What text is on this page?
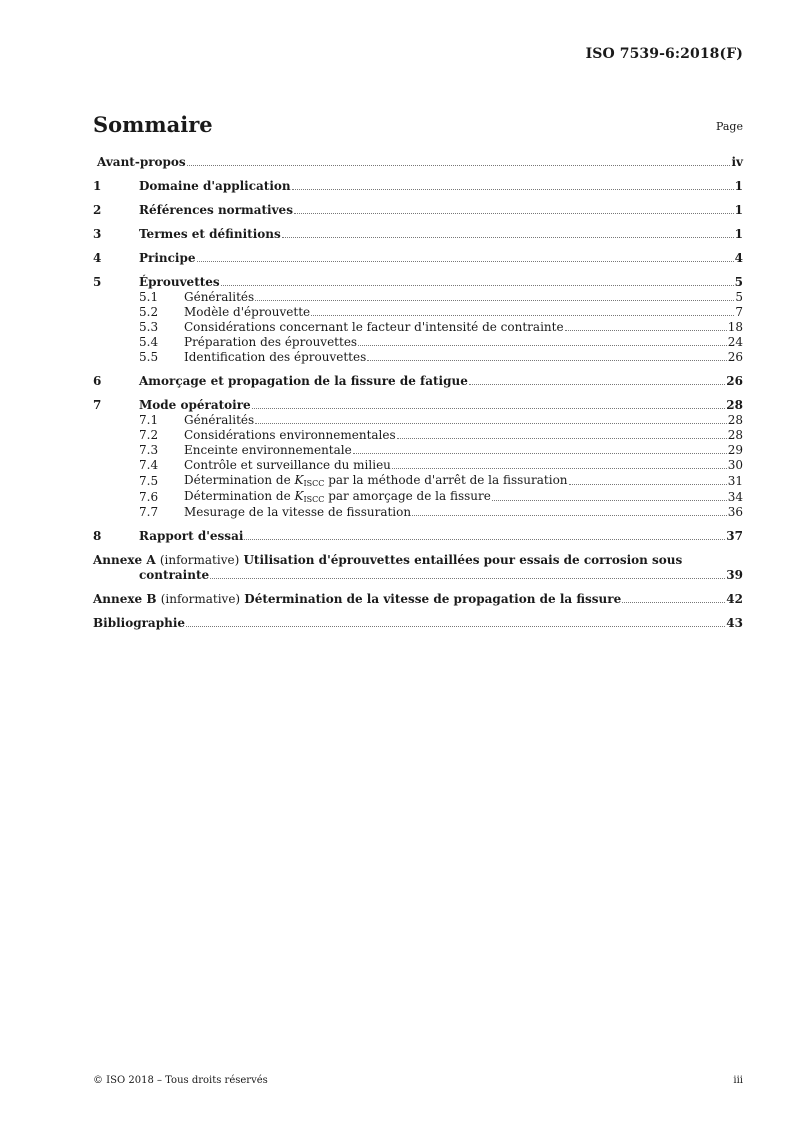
ISO 7539-6:2018(F)
Sommaire	Page
Avant-propos	iv
1	Domaine d'application	1
2	Références normatives	1
3	Termes et définitions	1
4	Principe	4
5	Éprouvettes	5
5.1	Généralités	5
5.2	Modèle d'éprouvette	7
5.3	Considérations concernant le facteur d'intensité de contrainte	18
5.4	Préparation des éprouvettes	24
5.5	Identification des éprouvettes	26
6	Amorçage et propagation de la fissure de fatigue	26
7	Mode opératoire	28
7.1	Généralités	28
7.2	Considérations environnementales	28
7.3	Enceinte environnementale	29
7.4	Contrôle et surveillance du milieu	30
7.5	Détermination de KISCC par la méthode d'arrêt de la fissuration	31
7.6	Détermination de KISCC par amorçage de la fissure	34
7.7	Mesurage de la vitesse de fissuration	36
8	Rapport d'essai	37
Annexe A (informative) Utilisation d'éprouvettes entaillées pour essais de corrosion sous
contrainte	39
Annexe B (informative) Détermination de la vitesse de propagation de la fissure	42
Bibliographie	43
© ISO 2018 – Tous droits réservés	iii
